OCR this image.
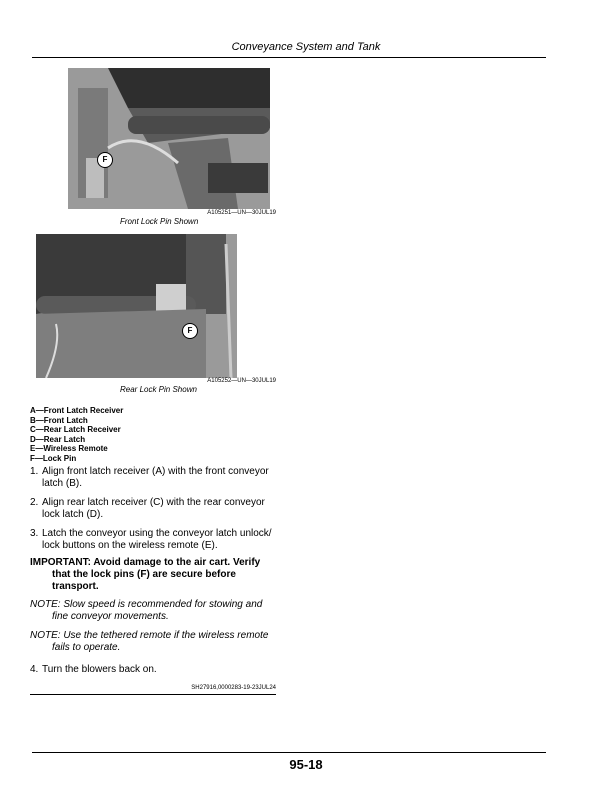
Conveyance System and Tank
F
A105251—UN—30JUL19
Front Lock Pin Shown
F
A105252—UN—30JUL19
Rear Lock Pin Shown
A—Front Latch Receiver
B—Front Latch
C—Rear Latch Receiver
D—Rear Latch
E—Wireless Remote
F—Lock Pin
1. Align front latch receiver (A) with the front conveyor
latch (B).
2. Align rear latch receiver (C) with the rear conveyor
lock latch (D).
3. Latch the conveyor using the conveyor latch unlock/
lock buttons on the wireless remote (E).
IMPORTANT: Avoid damage to the air cart. Verify
that the lock pins (F) are secure before
transport.
NOTE: Slow speed is recommended for stowing and
fine conveyor movements.
NOTE: Use the tethered remote if the wireless remote
fails to operate.
4. Turn the blowers back on.
SH27916,0000283-19-23JUL24
95-18
